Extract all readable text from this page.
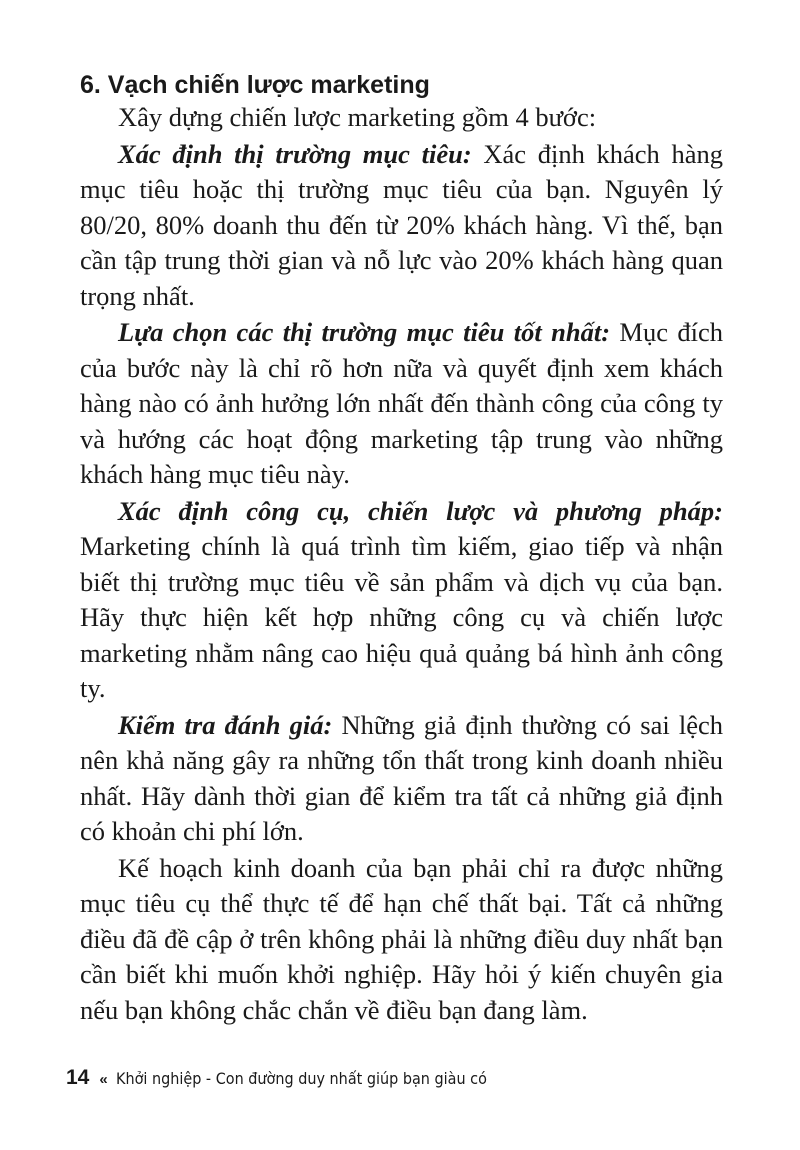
6. Vạch chiến lược marketing

Xây dựng chiến lược marketing gồm 4 bước:

Xác định thị trường mục tiêu: Xác định khách hàng mục tiêu hoặc thị trường mục tiêu của bạn. Nguyên lý 80/20, 80% doanh thu đến từ 20% khách hàng. Vì thế, bạn cần tập trung thời gian và nỗ lực vào 20% khách hàng quan trọng nhất.

Lựa chọn các thị trường mục tiêu tốt nhất: Mục đích của bước này là chỉ rõ hơn nữa và quyết định xem khách hàng nào có ảnh hưởng lớn nhất đến thành công của công ty và hướng các hoạt động marketing tập trung vào những khách hàng mục tiêu này.

Xác định công cụ, chiến lược và phương pháp: Marketing chính là quá trình tìm kiếm, giao tiếp và nhận biết thị trường mục tiêu về sản phẩm và dịch vụ của bạn. Hãy thực hiện kết hợp những công cụ và chiến lược marketing nhằm nâng cao hiệu quả quảng bá hình ảnh công ty.

Kiểm tra đánh giá: Những giả định thường có sai lệch nên khả năng gây ra những tổn thất trong kinh doanh nhiều nhất. Hãy dành thời gian để kiểm tra tất cả những giả định có khoản chi phí lớn.

Kế hoạch kinh doanh của bạn phải chỉ ra được những mục tiêu cụ thể thực tế để hạn chế thất bại. Tất cả những điều đã đề cập ở trên không phải là những điều duy nhất bạn cần biết khi muốn khởi nghiệp. Hãy hỏi ý kiến chuyên gia nếu bạn không chắc chắn về điều bạn đang làm.

14 « Khởi nghiệp - Con đường duy nhất giúp bạn giàu có
